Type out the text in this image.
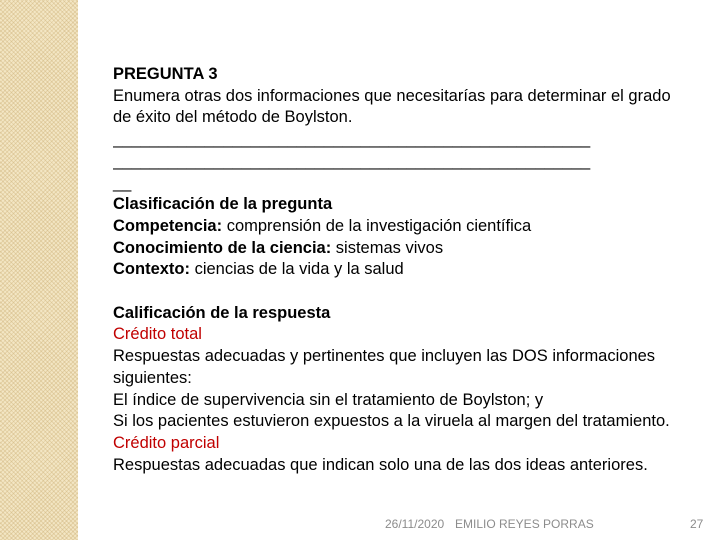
PREGUNTA 3
Enumera otras dos informaciones que necesitarías para determinar el grado de éxito del método de Boylston.
____________________________________________________
____________________________________________________
__
Clasificación de la pregunta
Competencia: comprensión de la investigación científica
Conocimiento de la ciencia: sistemas vivos
Contexto: ciencias de la vida y la salud
Calificación de la respuesta
Crédito total
Respuestas adecuadas y pertinentes que incluyen las DOS informaciones siguientes:
El índice de supervivencia sin el tratamiento de Boylston; y
Si los pacientes estuvieron expuestos a la viruela al margen del tratamiento.
Crédito parcial
Respuestas adecuadas que indican solo una de las dos ideas anteriores.
26/11/2020 EMILIO REYES PORRAS	27
